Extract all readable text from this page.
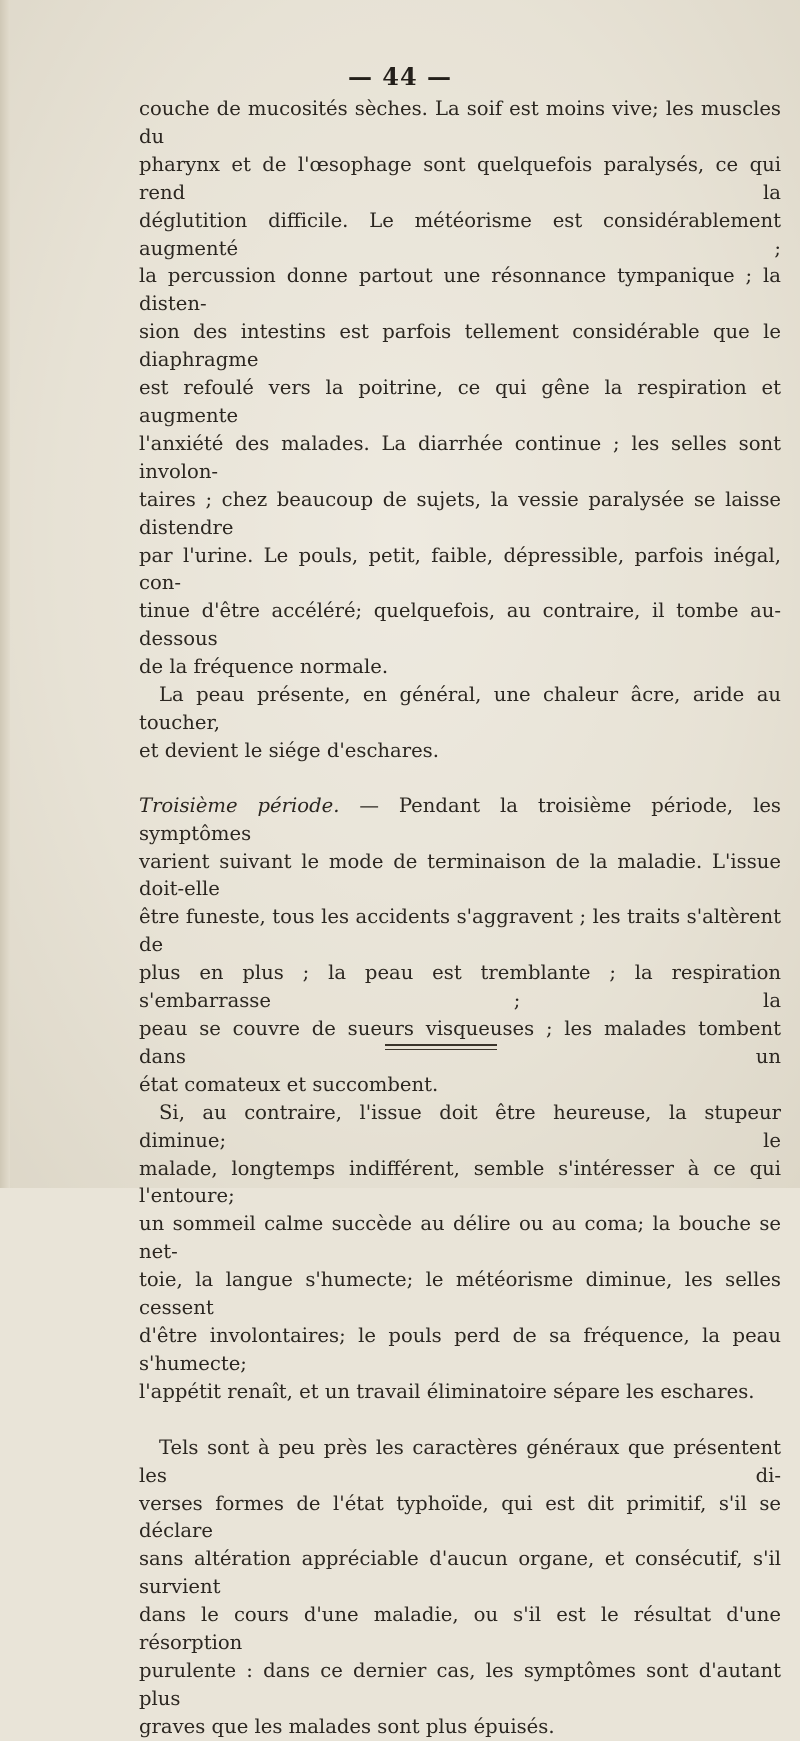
— 44 —

couche de mucosités sèches. La soif est moins vive; les muscles du

pharynx et de l'œsophage sont quelquefois paralysés, ce qui rend la

déglutition difficile. Le météorisme est considérablement augmenté ;

la percussion donne partout une résonnance tympanique ; la disten-

sion des intestins est parfois tellement considérable que le diaphragme

est refoulé vers la poitrine, ce qui gêne la respiration et augmente

l'anxiété des malades. La diarrhée continue ; les selles sont involon-

taires ; chez beaucoup de sujets, la vessie paralysée se laisse distendre

par l'urine. Le pouls, petit, faible, dépressible, parfois inégal, con-

tinue d'être accéléré; quelquefois, au contraire, il tombe au-dessous

de la fréquence normale.

La peau présente, en général, une chaleur âcre, aride au toucher,

et devient le siége d'eschares.

Troisième période. — Pendant la troisième période, les symptômes

varient suivant le mode de terminaison de la maladie. L'issue doit-elle

être funeste, tous les accidents s'aggravent ; les traits s'altèrent de

plus en plus ; la peau est tremblante ; la respiration s'embarrasse ; la

peau se couvre de sueurs visqueuses ; les malades tombent dans un

état comateux et succombent.

Si, au contraire, l'issue doit être heureuse, la stupeur diminue; le

malade, longtemps indifférent, semble s'intéresser à ce qui l'entoure;

un sommeil calme succède au délire ou au coma; la bouche se net-

toie, la langue s'humecte; le météorisme diminue, les selles cessent

d'être involontaires; le pouls perd de sa fréquence, la peau s'humecte;

l'appétit renaît, et un travail éliminatoire sépare les eschares.

Tels sont à peu près les caractères généraux que présentent les di-

verses formes de l'état typhoïde, qui est dit primitif, s'il se déclare

sans altération appréciable d'aucun organe, et consécutif, s'il survient

dans le cours d'une maladie, ou s'il est le résultat d'une résorption

purulente : dans ce dernier cas, les symptômes sont d'autant plus

graves que les malades sont plus épuisés.
